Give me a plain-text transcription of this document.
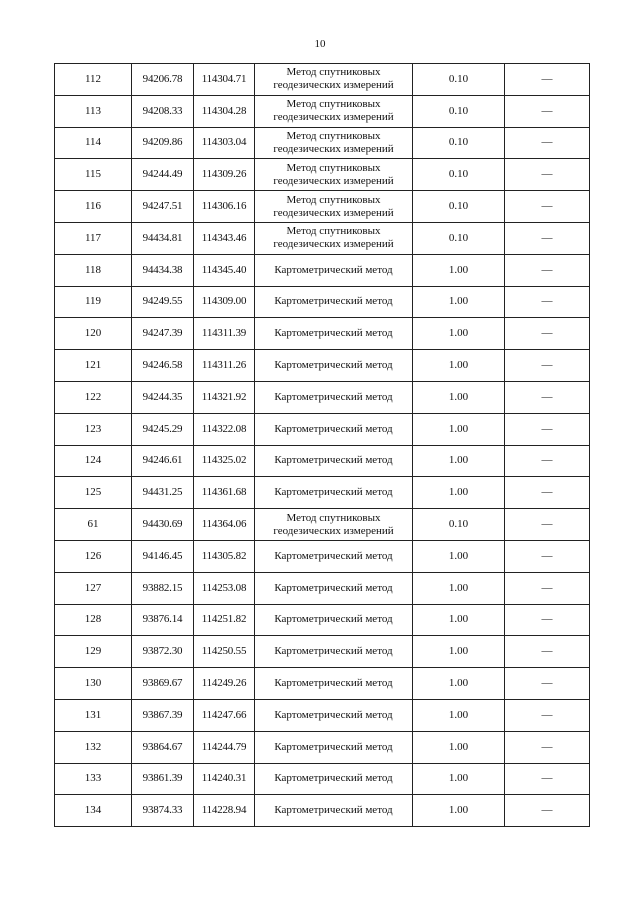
10
112	94206.78	114304.71	Метод спутниковых геодезических измерений	0.10	—
113	94208.33	114304.28	Метод спутниковых геодезических измерений	0.10	—
114	94209.86	114303.04	Метод спутниковых геодезических измерений	0.10	—
115	94244.49	114309.26	Метод спутниковых геодезических измерений	0.10	—
116	94247.51	114306.16	Метод спутниковых геодезических измерений	0.10	—
117	94434.81	114343.46	Метод спутниковых геодезических измерений	0.10	—
118	94434.38	114345.40	Картометрический метод	1.00	—
119	94249.55	114309.00	Картометрический метод	1.00	—
120	94247.39	114311.39	Картометрический метод	1.00	—
121	94246.58	114311.26	Картометрический метод	1.00	—
122	94244.35	114321.92	Картометрический метод	1.00	—
123	94245.29	114322.08	Картометрический метод	1.00	—
124	94246.61	114325.02	Картометрический метод	1.00	—
125	94431.25	114361.68	Картометрический метод	1.00	—
61	94430.69	114364.06	Метод спутниковых геодезических измерений	0.10	—
126	94146.45	114305.82	Картометрический метод	1.00	—
127	93882.15	114253.08	Картометрический метод	1.00	—
128	93876.14	114251.82	Картометрический метод	1.00	—
129	93872.30	114250.55	Картометрический метод	1.00	—
130	93869.67	114249.26	Картометрический метод	1.00	—
131	93867.39	114247.66	Картометрический метод	1.00	—
132	93864.67	114244.79	Картометрический метод	1.00	—
133	93861.39	114240.31	Картометрический метод	1.00	—
134	93874.33	114228.94	Картометрический метод	1.00	—
